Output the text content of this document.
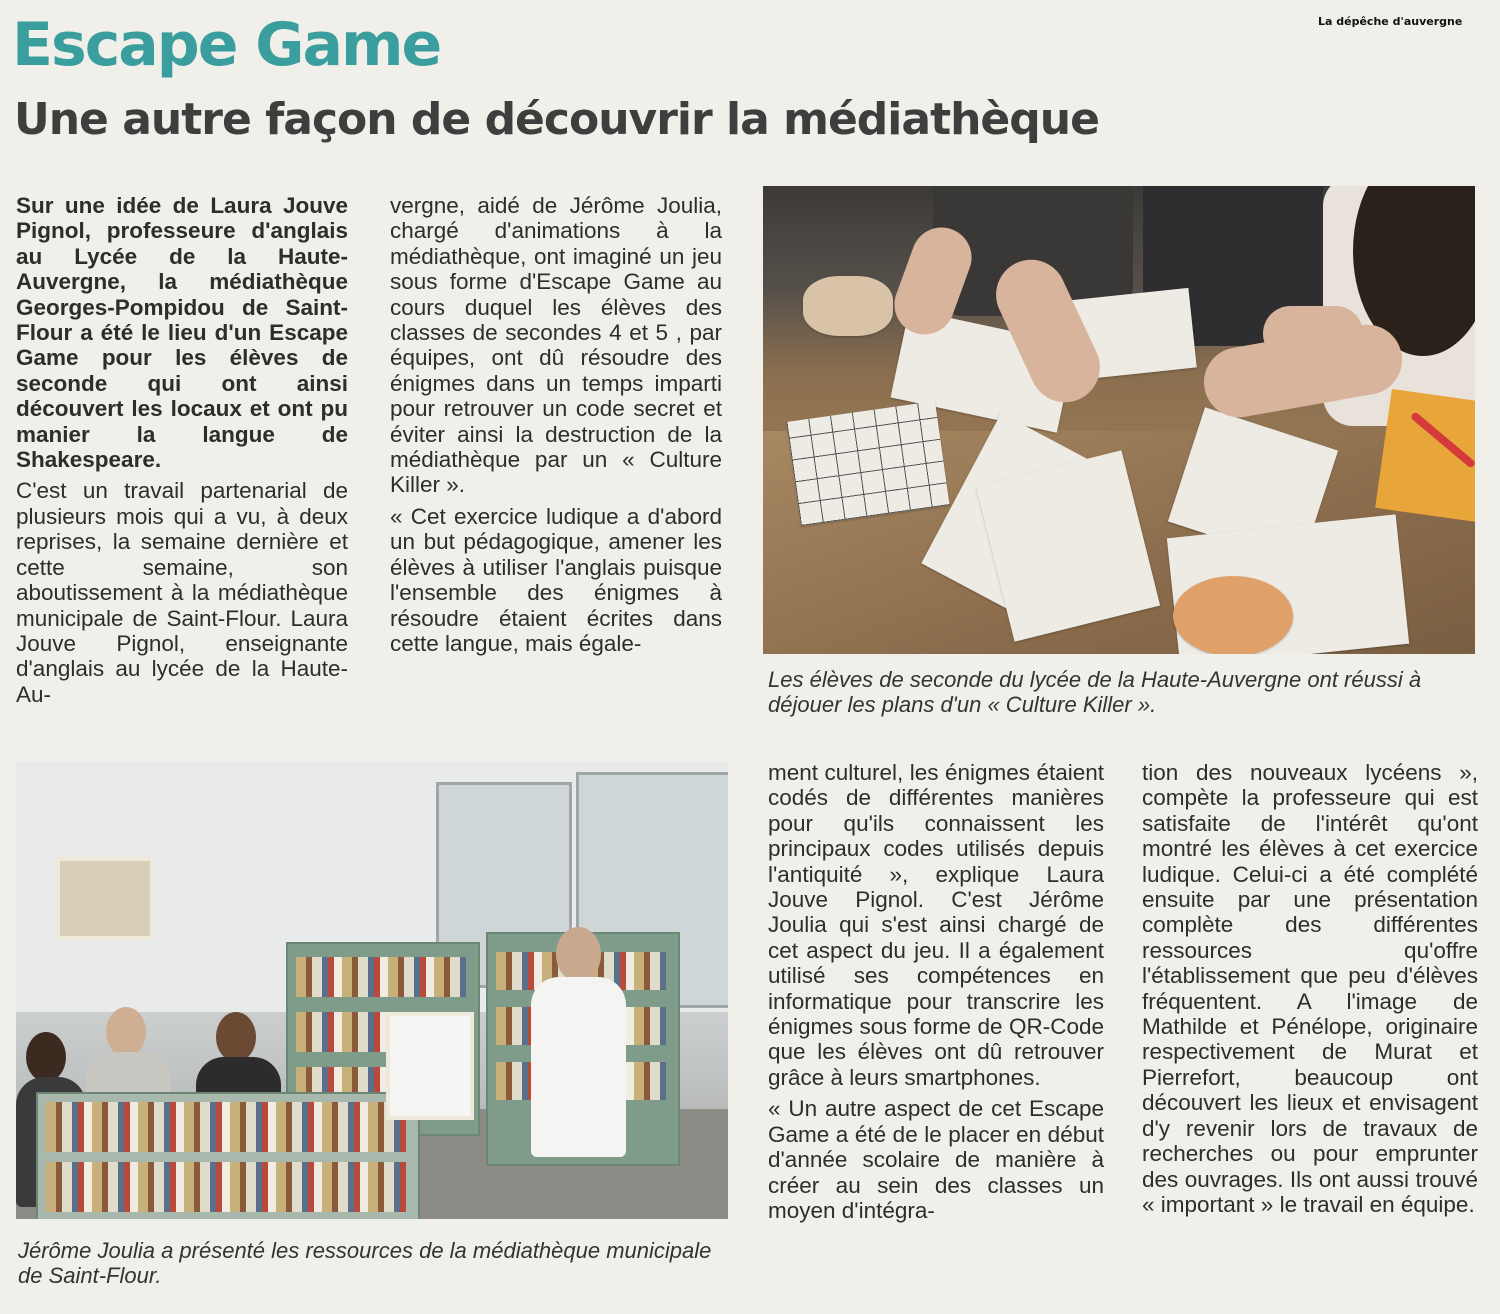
La dépêche d'auvergne
Escape Game
Une autre façon de découvrir la médiathèque

Sur une idée de Laura Jouve Pignol, professeure d'anglais au Lycée de la Haute-Auvergne, la médiathèque Georges-Pompidou de Saint-Flour a été le lieu d'un Escape Game pour les élèves de seconde qui ont ainsi découvert les locaux et ont pu manier la langue de Shakespeare.

C'est un travail partenarial de plusieurs mois qui a vu, à deux reprises, la semaine dernière et cette semaine, son aboutissement à la médiathèque municipale de Saint-Flour. Laura Jouve Pignol, enseignante d'anglais au lycée de la Haute-Au-

vergne, aidé de Jérôme Joulia, chargé d'animations à la médiathèque, ont imaginé un jeu sous forme d'Escape Game au cours duquel les élèves des classes de secondes 4 et 5 , par équipes, ont dû résoudre des énigmes dans un temps imparti pour retrouver un code secret et éviter ainsi la destruction de la médiathèque par un « Culture Killer ».

« Cet exercice ludique a d'abord un but pédagogique, amener les élèves à utiliser l'anglais puisque l'ensemble des énigmes à résoudre étaient écrites dans cette langue, mais égale-

Les élèves de seconde du lycée de la Haute-Auvergne ont réussi à déjouer les plans d'un « Culture Killer ».
Jérôme Joulia a présenté les ressources de la médiathèque municipale de Saint-Flour.

ment culturel, les énigmes étaient codés de différentes manières pour qu'ils connaissent les principaux codes utilisés depuis l'antiquité », explique Laura Jouve Pignol. C'est Jérôme Joulia qui s'est ainsi chargé de cet aspect du jeu. Il a également utilisé ses compétences en informatique pour transcrire les énigmes sous forme de QR-Code que les élèves ont dû retrouver grâce à leurs smartphones.

« Un autre aspect de cet Escape Game a été de le placer en début d'année scolaire de manière à créer au sein des classes un moyen d'intégra-

tion des nouveaux lycéens », compète la professeure qui est satisfaite de l'intérêt qu'ont montré les élèves à cet exercice ludique. Celui-ci a été complété ensuite par une présentation complète des différentes ressources qu'offre l'établissement que peu d'élèves fréquentent. A l'image de Mathilde et Pénélope, originaire respectivement de Murat et Pierrefort, beaucoup ont découvert les lieux et envisagent d'y revenir lors de travaux de recherches ou pour emprunter des ouvrages. Ils ont aussi trouvé « important » le travail en équipe.
